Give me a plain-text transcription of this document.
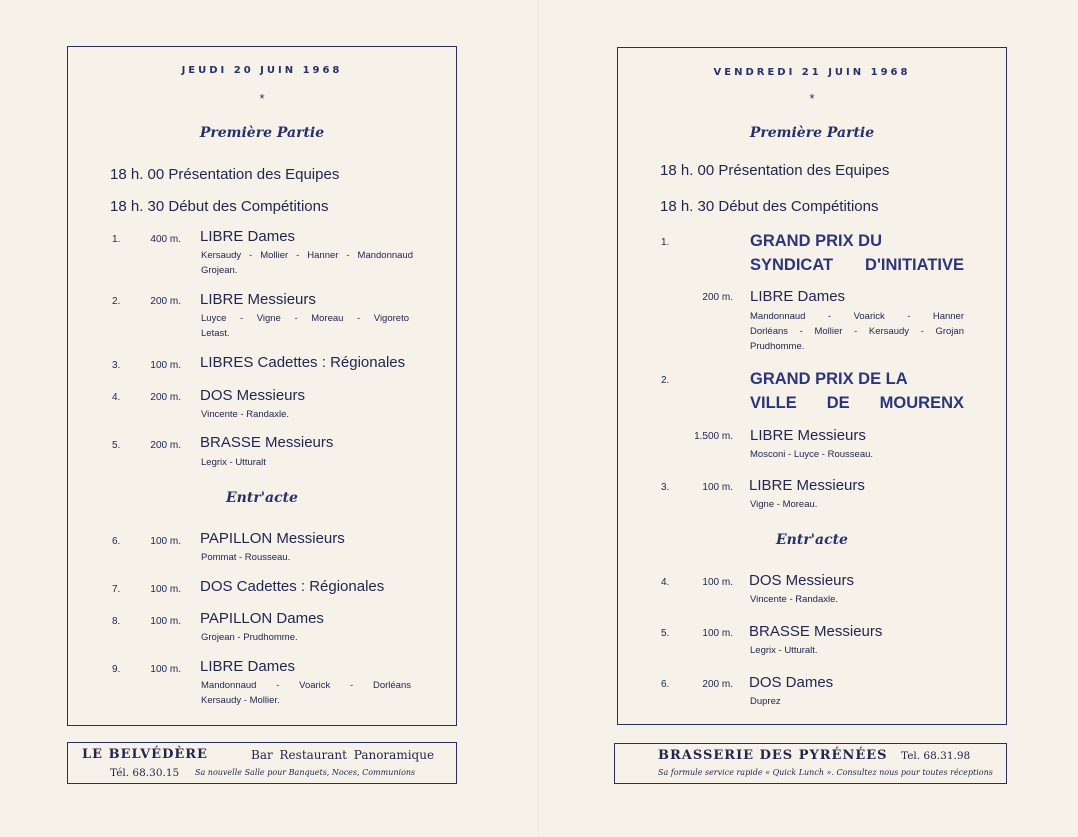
JEUDI 20 JUIN 1968
*
Première Partie
18 h. 00 Présentation des Equipes
18 h. 30 Début des Compétitions
1.	400 m. LIBRE Dames
Kersaudy - Mollier - Hanner - Mandonnaud
Grojean.
2.	200 m. LIBRE Messieurs
Luyce - Vigne - Moreau - Vigoreto
Letast.
3.	100 m. LIBRES Cadettes : Régionales
4.	200 m. DOS Messieurs
Vincente - Randaxle.
5.	200 m. BRASSE Messieurs
Legrix - Utturalt
Entr'acte
6.	100 m. PAPILLON Messieurs
Pommat - Rousseau.
7.	100 m. DOS Cadettes : Régionales
8.	100 m. PAPILLON Dames
Grojean - Prudhomme.
9.	100 m. LIBRE Dames
Mandonnaud - Voarick - Dorléans
Kersaudy - Mollier.
VENDREDI 21 JUIN 1968
*
Première Partie
18 h. 00 Présentation des Equipes
18 h. 30 Début des Compétitions
1.	GRAND PRIX DU
SYNDICAT D'INITIATIVE
200 m. LIBRE Dames
Mandonnaud - Voarick - Hanner
Dorléans - Mollier - Kersaudy - Grojan
Prudhomme.
2.	GRAND PRIX DE LA
VILLE DE MOURENX
1.500 m. LIBRE Messieurs
Mosconi - Luyce - Rousseau.
3.	100 m. LIBRE Messieurs
Vigne - Moreau.
Entr'acte
4.	100 m. DOS Messieurs
Vincente - Randaxle.
5.	100 m. BRASSE Messieurs
Legrix - Utturalt.
6.	200 m. DOS Dames
Duprez
LE BELVÉDÈRE	Bar Restaurant Panoramique
Tél. 68.30.15 Sa nouvelle Salle pour Banquets, Noces, Communions
BRASSERIE DES PYRÉNÉES Tel. 68.31.98
Sa formule service rapide « Quick Lunch ». Consultez nous pour toutes réceptions
